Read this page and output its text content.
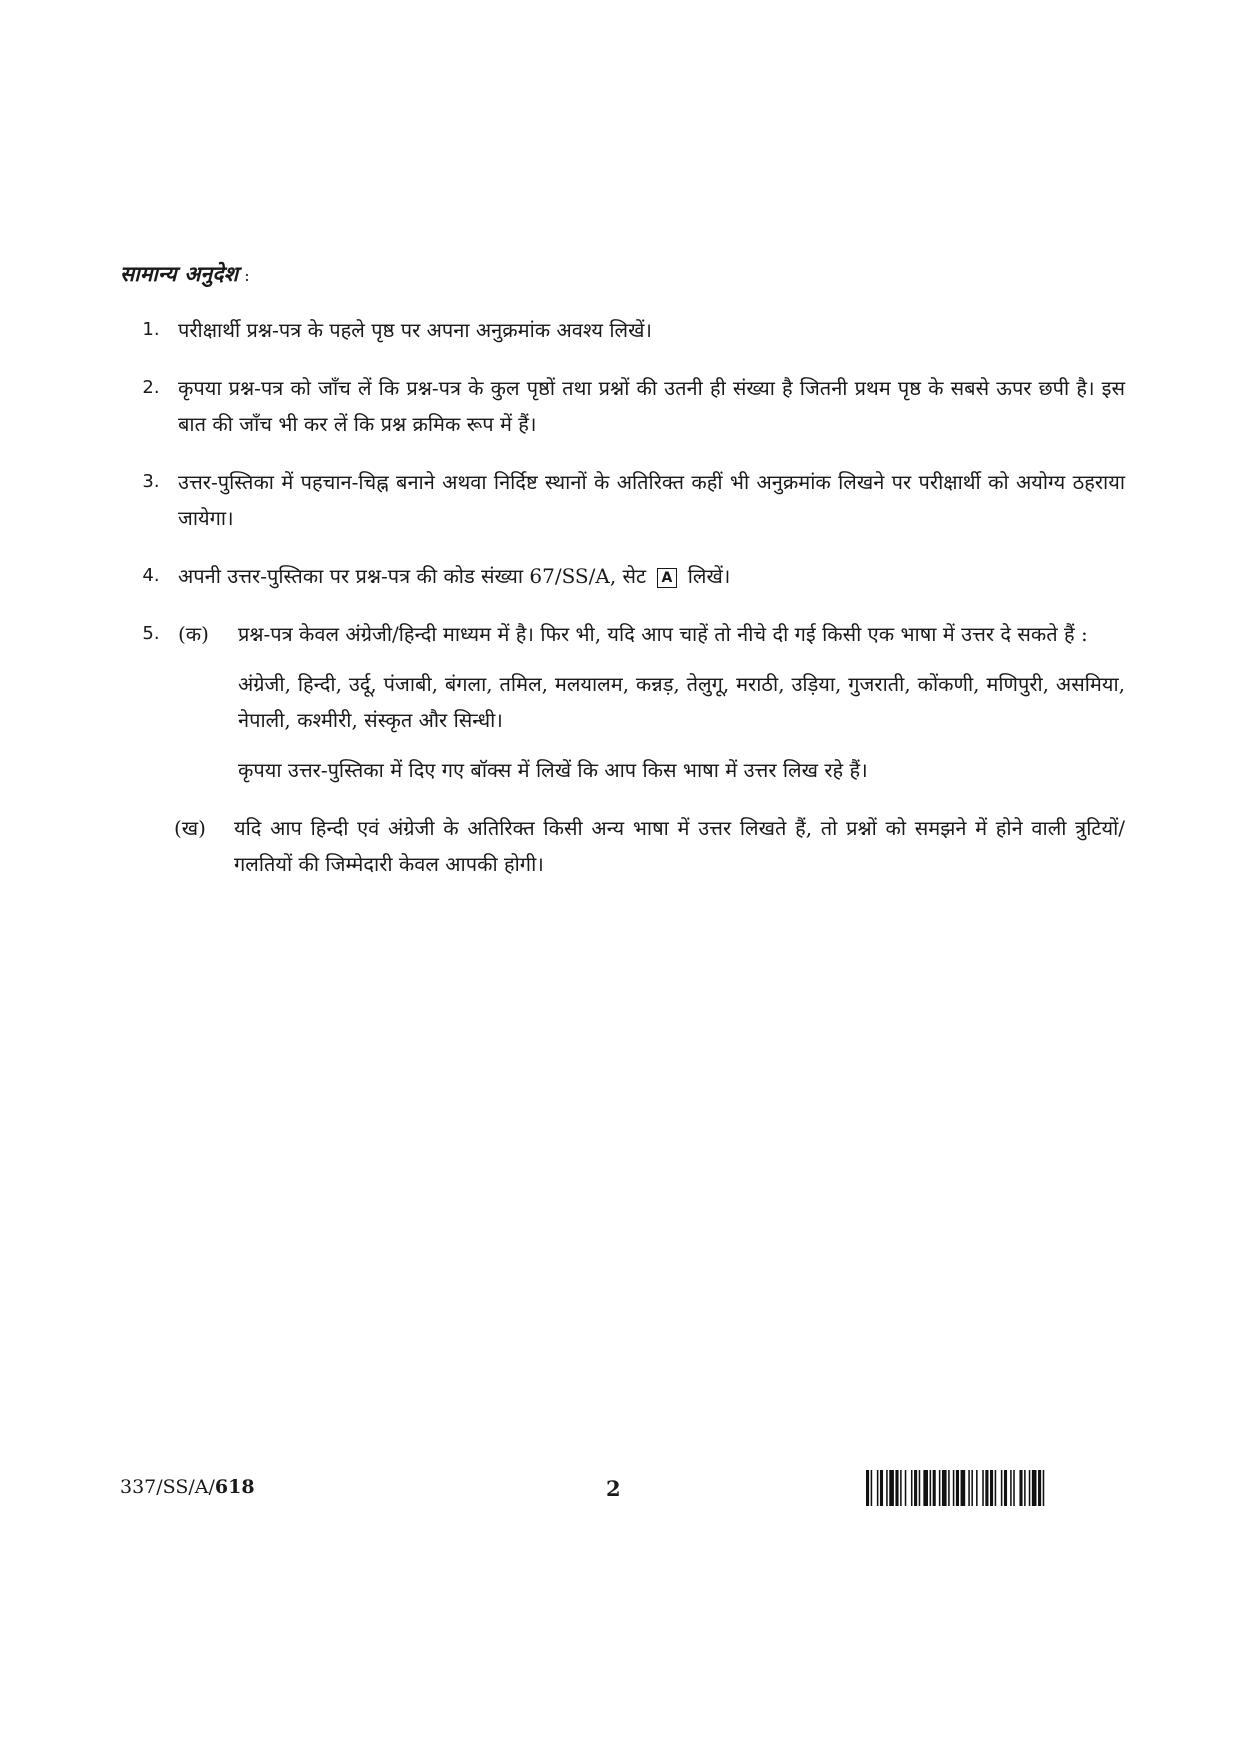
सामान्य अनुदेश :
1. परीक्षार्थी प्रश्न-पत्र के पहले पृष्ठ पर अपना अनुक्रमांक अवश्य लिखें।
2. कृपया प्रश्न-पत्र को जाँच लें कि प्रश्न-पत्र के कुल पृष्ठों तथा प्रश्नों की उतनी ही संख्या है जितनी प्रथम पृष्ठ के सबसे ऊपर छपी है। इस बात की जाँच भी कर लें कि प्रश्न क्रमिक रूप में हैं।
3. उत्तर-पुस्तिका में पहचान-चिह्न बनाने अथवा निर्दिष्ट स्थानों के अतिरिक्त कहीं भी अनुक्रमांक लिखने पर परीक्षार्थी को अयोग्य ठहराया जायेगा।
4. अपनी उत्तर-पुस्तिका पर प्रश्न-पत्र की कोड संख्या 67/SS/A, सेट A लिखें।
5. (क)	प्रश्न-पत्र केवल अंग्रेजी/हिन्दी माध्यम में है। फिर भी, यदि आप चाहें तो नीचे दी गई किसी एक भाषा में उत्तर दे सकते हैं :

अंग्रेजी, हिन्दी, उर्दू, पंजाबी, बंगला, तमिल, मलयालम, कन्नड़, तेलुगू, मराठी, उड़िया, गुजराती, कोंकणी, मणिपुरी, असमिया, नेपाली, कश्मीरी, संस्कृत और सिन्धी।

कृपया उत्तर-पुस्तिका में दिए गए बॉक्स में लिखें कि आप किस भाषा में उत्तर लिख रहे हैं।

(ख)	यदि आप हिन्दी एवं अंग्रेजी के अतिरिक्त किसी अन्य भाषा में उत्तर लिखते हैं, तो प्रश्नों को समझने में होने वाली त्रुटियों/गलतियों की जिम्मेदारी केवल आपकी होगी।
337/SS/A/618	2
